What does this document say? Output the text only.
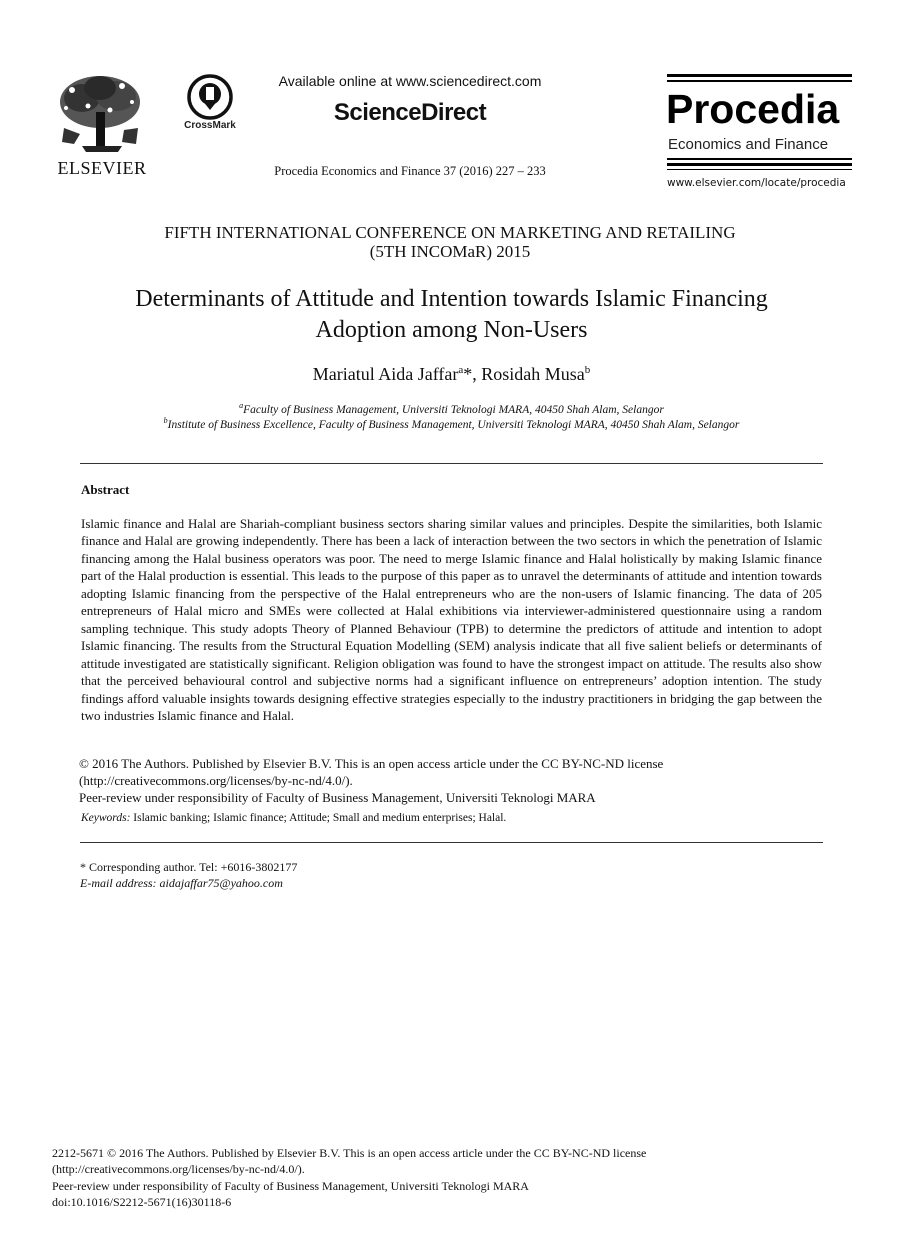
ELSEVIER
CrossMark
Available online at www.sciencedirect.com
ScienceDirect
Procedia Economics and Finance 37 (2016) 227 – 233
Procedia
Economics and Finance
www.elsevier.com/locate/procedia
FIFTH INTERNATIONAL CONFERENCE ON MARKETING AND RETAILING
(5TH INCOMaR) 2015
Determinants of Attitude and Intention towards Islamic Financing
Adoption among Non-Users
Mariatul Aida Jaffar$^a$*, Rosidah Musa$^b$
$^a$Faculty of Business Management, Universiti Teknologi MARA, 40450 Shah Alam, Selangor
$^b$Institute of Business Excellence, Faculty of Business Management, Universiti Teknologi MARA, 40450 Shah Alam, Selangor
Abstract
Islamic finance and Halal are Shariah-compliant business sectors sharing similar values and principles. Despite the similarities, both Islamic finance and Halal are growing independently. There has been a lack of interaction between the two sectors in which the penetration of Islamic financing among the Halal business operators was poor. The need to merge Islamic finance and Halal holistically by making Islamic finance part of the Halal production is essential. This leads to the purpose of this paper as to unravel the determinants of attitude and intention towards adopting Islamic financing from the perspective of the Halal entrepreneurs who are the non-users of Islamic financing. The data of 205 entrepreneurs of Halal micro and SMEs were collected at Halal exhibitions via interviewer-administered questionnaire using a random sampling technique. This study adopts Theory of Planned Behaviour (TPB) to determine the predictors of attitude and intention to adopt Islamic financing. The results from the Structural Equation Modelling (SEM) analysis indicate that all five salient beliefs or determinants of attitude investigated are statistically significant. Religion obligation was found to have the strongest impact on attitude. The results also show that the perceived behavioural control and subjective norms had a significant influence on entrepreneurs’ adoption intention. The study findings afford valuable insights towards designing effective strategies especially to the industry practitioners in bridging the gap between the two industries Islamic finance and Halal.
© 2016 The Authors. Published by Elsevier B.V. This is an open access article under the CC BY-NC-ND license
(http://creativecommons.org/licenses/by-nc-nd/4.0/).
Peer-review under responsibility of Faculty of Business Management, Universiti Teknologi MARA
Keywords: Islamic banking; Islamic finance; Attitude; Small and medium enterprises; Halal.
* Corresponding author. Tel: +6016-3802177
E-mail address: aidajaffar75@yahoo.com
2212-5671 © 2016 The Authors. Published by Elsevier B.V. This is an open access article under the CC BY-NC-ND license
(http://creativecommons.org/licenses/by-nc-nd/4.0/).
Peer-review under responsibility of Faculty of Business Management, Universiti Teknologi MARA
doi:10.1016/S2212-5671(16)30118-6
